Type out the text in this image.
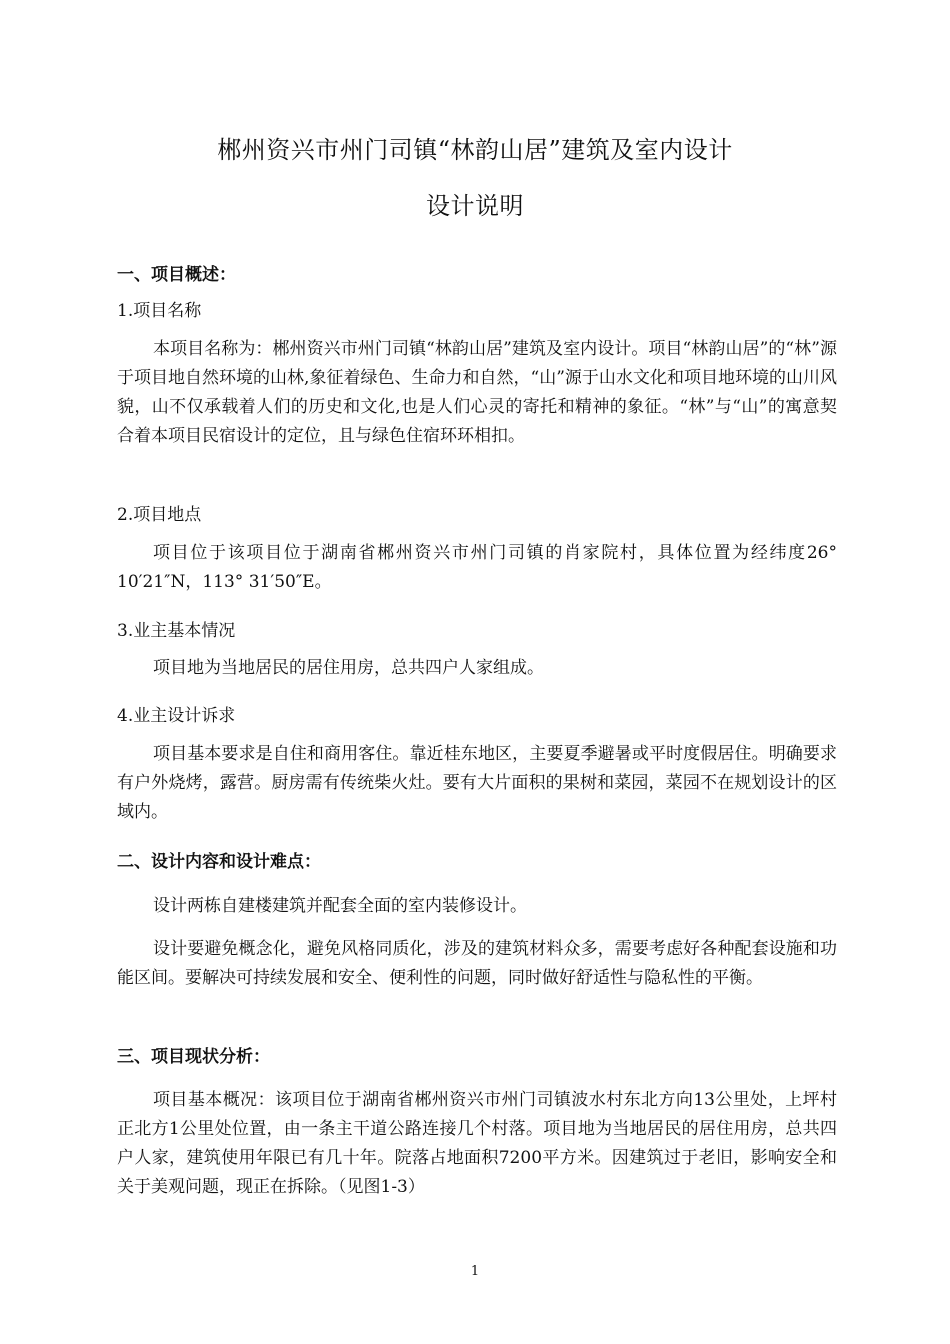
郴州资兴市州门司镇“林韵山居”建筑及室内设计
设计说明
一、项目概述：
1.项目名称

本项目名称为：郴州资兴市州门司镇“林韵山居”建筑及室内设计。项目“林韵山居”的“林”源于项目地自然环境的山林,象征着绿色、生命力和自然，“山”源于山水文化和项目地环境的山川风貌，山不仅承载着人们的历史和文化,也是人们心灵的寄托和精神的象征。“林”与“山”的寓意契合着本项目民宿设计的定位，且与绿色住宿环环相扣。

2.项目地点

项目位于该项目位于湖南省郴州资兴市州门司镇的肖家院村，具体位置为经纬度26° 10′21″N，113° 31′50″E。

3.业主基本情况

项目地为当地居民的居住用房，总共四户人家组成。

4.业主设计诉求

项目基本要求是自住和商用客住。靠近桂东地区，主要夏季避暑或平时度假居住。明确要求有户外烧烤，露营。厨房需有传统柴火灶。要有大片面积的果树和菜园，菜园不在规划设计的区域内。

二、设计内容和设计难点：

设计两栋自建楼建筑并配套全面的室内装修设计。

设计要避免概念化，避免风格同质化，涉及的建筑材料众多，需要考虑好各种配套设施和功能区间。要解决可持续发展和安全、便利性的问题，同时做好舒适性与隐私性的平衡。

三、项目现状分析：

项目基本概况：该项目位于湖南省郴州资兴市州门司镇波水村东北方向13公里处，上坪村正北方1公里处位置，由一条主干道公路连接几个村落。项目地为当地居民的居住用房，总共四户人家，建筑使用年限已有几十年。院落占地面积7200平方米。因建筑过于老旧，影响安全和关于美观问题，现正在拆除。（见图1-3）

1
